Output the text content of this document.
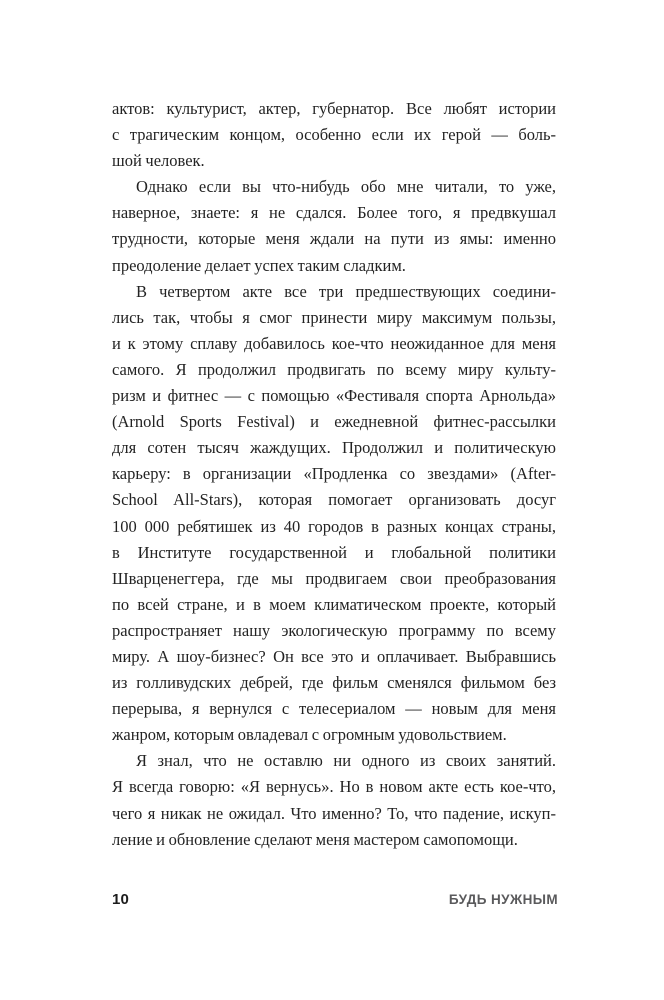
актов: культурист, актер, губернатор. Все любят истории
с трагическим концом, особенно если их герой — боль-
шой человек.

Однако если вы что-нибудь обо мне читали, то уже,
наверное, знаете: я не сдался. Более того, я предвкушал
трудности, которые меня ждали на пути из ямы: именно
преодоление делает успех таким сладким.

В четвертом акте все три предшествующих соедини-
лись так, чтобы я смог принести миру максимум пользы,
и к этому сплаву добавилось кое-что неожиданное для меня
самого. Я продолжил продвигать по всему миру культу-
ризм и фитнес — с помощью «Фестиваля спорта Арнольда»
(Arnold Sports Festival) и ежедневной фитнес-рассылки
для сотен тысяч жаждущих. Продолжил и политическую
карьеру: в организации «Продленка со звездами» (After-
School All-Stars), которая помогает организовать досуг
100 000 ребятишек из 40 городов в разных концах страны,
в Институте государственной и глобальной политики
Шварценеггера, где мы продвигаем свои преобразования
по всей стране, и в моем климатическом проекте, который
распространяет нашу экологическую программу по всему
миру. А шоу-бизнес? Он все это и оплачивает. Выбравшись
из голливудских дебрей, где фильм сменялся фильмом без
перерыва, я вернулся с телесериалом — новым для меня
жанром, которым овладевал с огромным удовольствием.

Я знал, что не оставлю ни одного из своих занятий.
Я всегда говорю: «Я вернусь». Но в новом акте есть кое-что,
чего я никак не ожидал. Что именно? То, что падение, искуп-
ление и обновление сделают меня мастером самопомощи.

10	БУДЬ НУЖНЫМ
